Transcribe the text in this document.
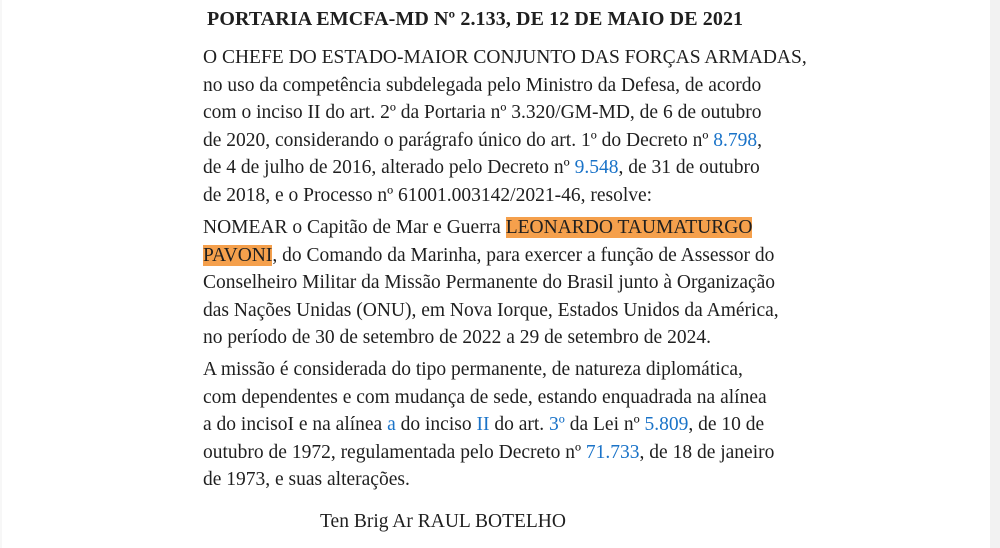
PORTARIA EMCFA-MD Nº 2.133, DE 12 DE MAIO DE 2021
O CHEFE DO ESTADO-MAIOR CONJUNTO DAS FORÇAS ARMADAS,
no uso da competência subdelegada pelo Ministro da Defesa, de acordo
com o inciso II do art. 2º da Portaria nº 3.320/GM-MD, de 6 de outubro
de 2020, considerando o parágrafo único do art. 1º do Decreto nº 8.798,
de 4 de julho de 2016, alterado pelo Decreto nº 9.548, de 31 de outubro
de 2018, e o Processo nº 61001.003142/2021-46, resolve:
NOMEAR o Capitão de Mar e Guerra LEONARDO TAUMATURGO
PAVONI, do Comando da Marinha, para exercer a função de Assessor do
Conselheiro Militar da Missão Permanente do Brasil junto à Organização
das Nações Unidas (ONU), em Nova Iorque, Estados Unidos da América,
no período de 30 de setembro de 2022 a 29 de setembro de 2024.
A missão é considerada do tipo permanente, de natureza diplomática,
com dependentes e com mudança de sede, estando enquadrada na alínea
a do incisoI e na alínea a do inciso II do art. 3º da Lei nº 5.809, de 10 de
outubro de 1972, regulamentada pelo Decreto nº 71.733, de 18 de janeiro
de 1973, e suas alterações.
Ten Brig Ar RAUL BOTELHO
